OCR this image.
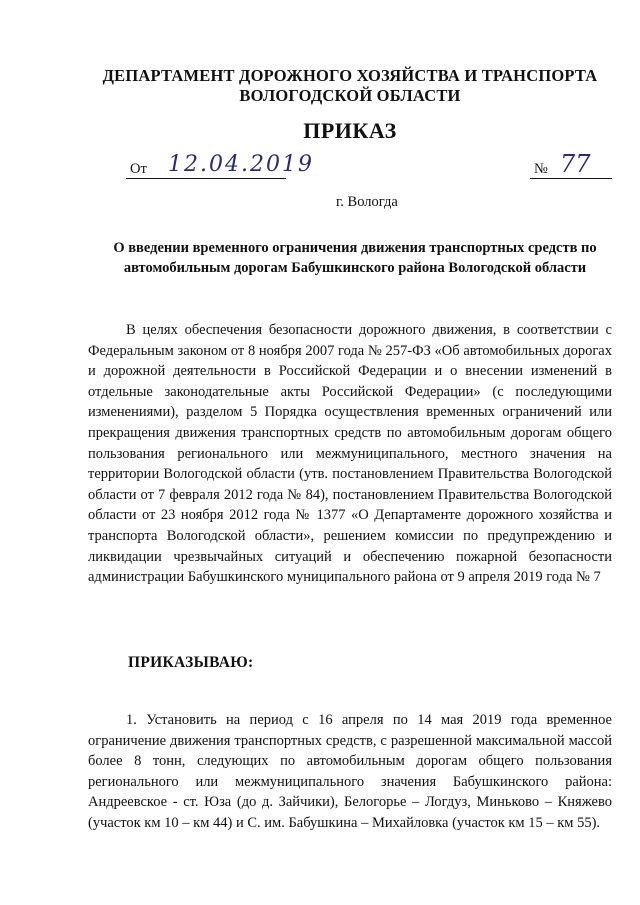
ДЕПАРТАМЕНТ ДОРОЖНОГО ХОЗЯЙСТВА И ТРАНСПОРТА
ВОЛОГОДСКОЙ ОБЛАСТИ
ПРИКАЗ
От 12.04.2019	№ 77
г. Вологда
О введении временного ограничения движения транспортных средств по
автомобильным дорогам Бабушкинского района Вологодской области

В целях обеспечения безопасности дорожного движения, в соответствии с Федеральным законом от 8 ноября 2007 года № 257-ФЗ «Об автомобильных дорогах и дорожной деятельности в Российской Федерации и о внесении изменений в отдельные законодательные акты Российской Федерации» (с последующими изменениями), разделом 5 Порядка осуществления временных ограничений или прекращения движения транспортных средств по автомобильным дорогам общего пользования регионального или межмуниципального, местного значения на территории Вологодской области (утв. постановлением Правительства Вологодской области от 7 февраля 2012 года № 84), постановлением Правительства Вологодской области от 23 ноября 2012 года № 1377 «О Департаменте дорожного хозяйства и транспорта Вологодской области», решением комиссии по предупреждению и ликвидации чрезвычайных ситуаций и обеспечению пожарной безопасности администрации Бабушкинского муниципального района от 9 апреля 2019 года № 7

ПРИКАЗЫВАЮ:

1. Установить на период с 16 апреля по 14 мая 2019 года временное ограничение движения транспортных средств, с разрешенной максимальной массой более 8 тонн, следующих по автомобильным дорогам общего пользования регионального или межмуниципального значения Бабушкинского района: Андреевское - ст. Юза (до д. Зайчики), Белогорье – Логдуз, Миньково – Княжево (участок км 10 – км 44) и С. им. Бабушкина – Михайловка (участок км 15 – км 55).
